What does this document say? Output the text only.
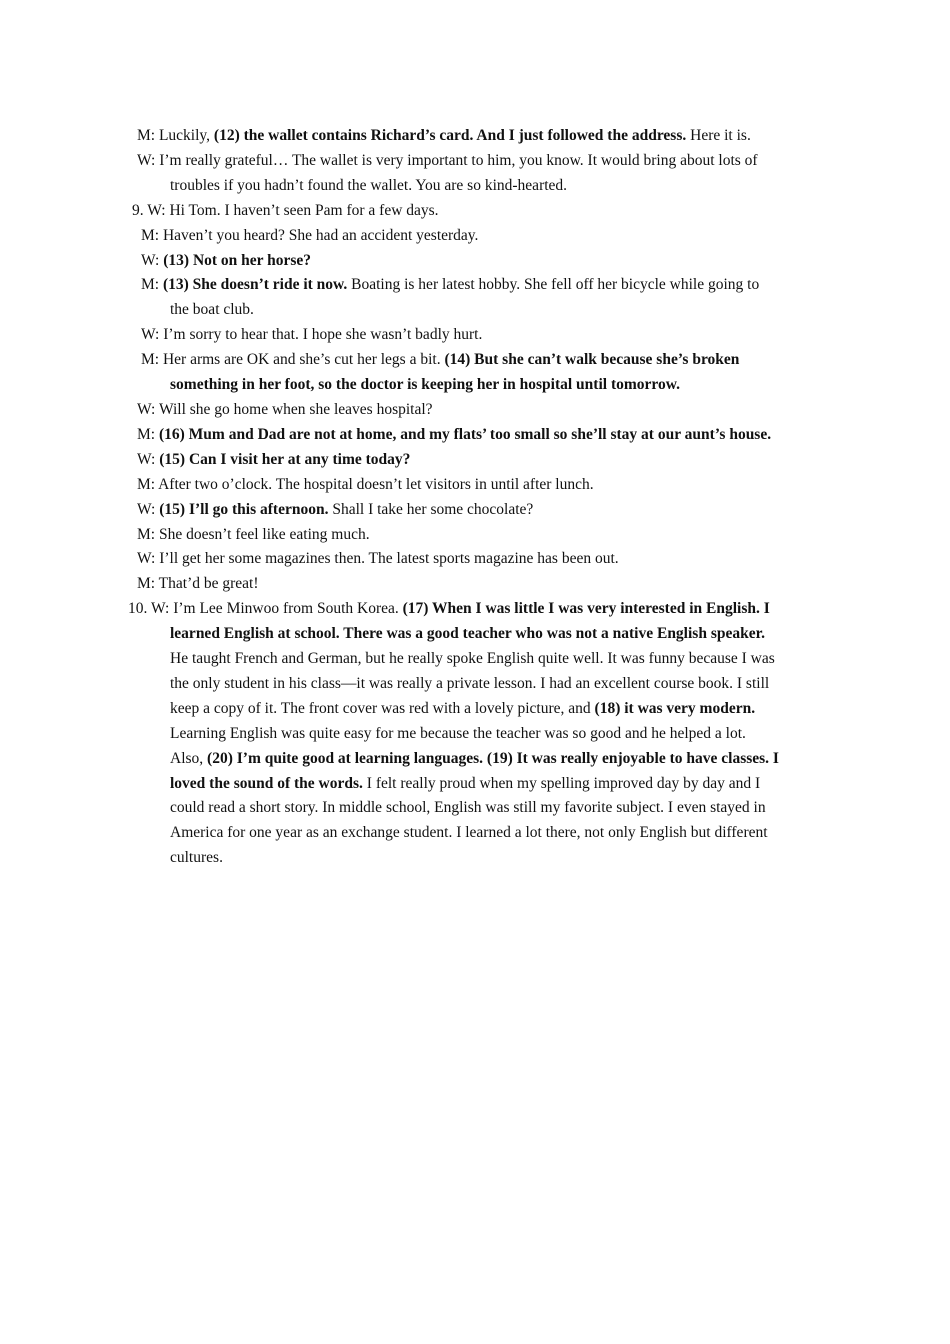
M: Luckily, (12) the wallet contains Richard’s card. And I just followed the address. Here it is.
W: I’m really grateful… The wallet is very important to him, you know. It would bring about lots of
troubles if you hadn’t found the wallet. You are so kind-hearted.
9. W: Hi Tom. I haven’t seen Pam for a few days.
M: Haven’t you heard? She had an accident yesterday.
W: (13) Not on her horse?
M: (13) She doesn’t ride it now. Boating is her latest hobby. She fell off her bicycle while going to
the boat club.
W: I’m sorry to hear that. I hope she wasn’t badly hurt.
M: Her arms are OK and she’s cut her legs a bit. (14) But she can’t walk because she’s broken
something in her foot, so the doctor is keeping her in hospital until tomorrow.
W: Will she go home when she leaves hospital?
M: (16) Mum and Dad are not at home, and my flats’ too small so she’ll stay at our aunt’s house.
W: (15) Can I visit her at any time today?
M: After two o’clock. The hospital doesn’t let visitors in until after lunch.
W: (15) I’ll go this afternoon. Shall I take her some chocolate?
M: She doesn’t feel like eating much.
W: I’ll get her some magazines then. The latest sports magazine has been out.
M: That’d be great!
10. W: I’m Lee Minwoo from South Korea. (17) When I was little I was very interested in English. I
learned English at school. There was a good teacher who was not a native English speaker.
He taught French and German, but he really spoke English quite well. It was funny because I was
the only student in his class—it was really a private lesson. I had an excellent course book. I still
keep a copy of it. The front cover was red with a lovely picture, and (18) it was very modern.
Learning English was quite easy for me because the teacher was so good and he helped a lot.
Also, (20) I’m quite good at learning languages. (19) It was really enjoyable to have classes. I
loved the sound of the words. I felt really proud when my spelling improved day by day and I
could read a short story. In middle school, English was still my favorite subject. I even stayed in
America for one year as an exchange student. I learned a lot there, not only English but different
cultures.
